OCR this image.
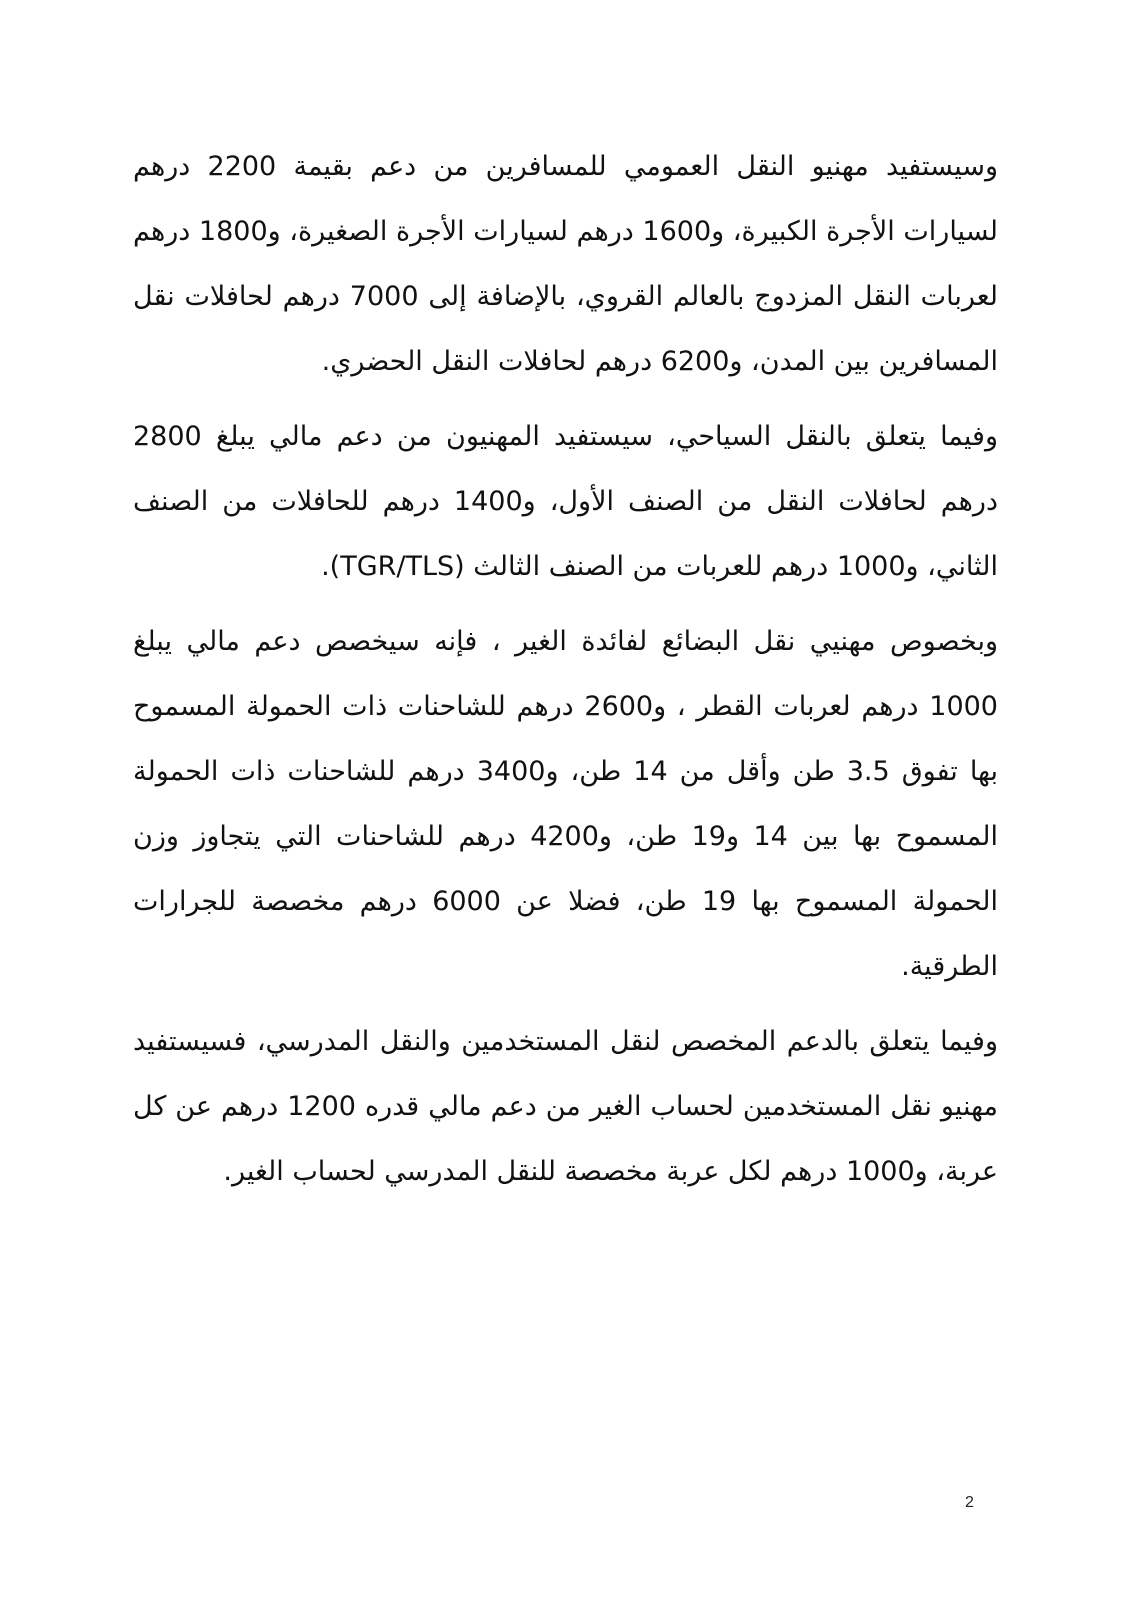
وسيستفيد مهنيو النقل العمومي للمسافرين من دعم بقيمة 2200 درهم لسيارات الأجرة الكبيرة، و1600 درهم لسيارات الأجرة الصغيرة، و1800 درهم لعربات النقل المزدوج بالعالم القروي، بالإضافة إلى 7000 درهم لحافلات نقل المسافرين بين المدن، و6200 درهم لحافلات النقل الحضري.

وفيما يتعلق بالنقل السياحي، سيستفيد المهنيون من دعم مالي يبلغ 2800 درهم لحافلات النقل من الصنف الأول، و1400 درهم للحافلات من الصنف الثاني، و1000 درهم للعربات من الصنف الثالث (TGR/TLS).

وبخصوص مهنيي نقل البضائع لفائدة الغير ، فإنه سيخصص دعم مالي يبلغ 1000 درهم لعربات القطر ، و2600 درهم للشاحنات ذات الحمولة المسموح بها تفوق 3.5 طن وأقل من 14 طن، و3400 درهم للشاحنات ذات الحمولة المسموح بها بين 14 و19 طن، و4200 درهم للشاحنات التي يتجاوز وزن الحمولة المسموح بها 19 طن، فضلا عن 6000 درهم مخصصة للجرارات الطرقية.

وفيما يتعلق بالدعم المخصص لنقل المستخدمين والنقل المدرسي، فسيستفيد مهنيو نقل المستخدمين لحساب الغير من دعم مالي قدره 1200 درهم عن كل عربة، و1000 درهم لكل عربة مخصصة للنقل المدرسي لحساب الغير.

2
